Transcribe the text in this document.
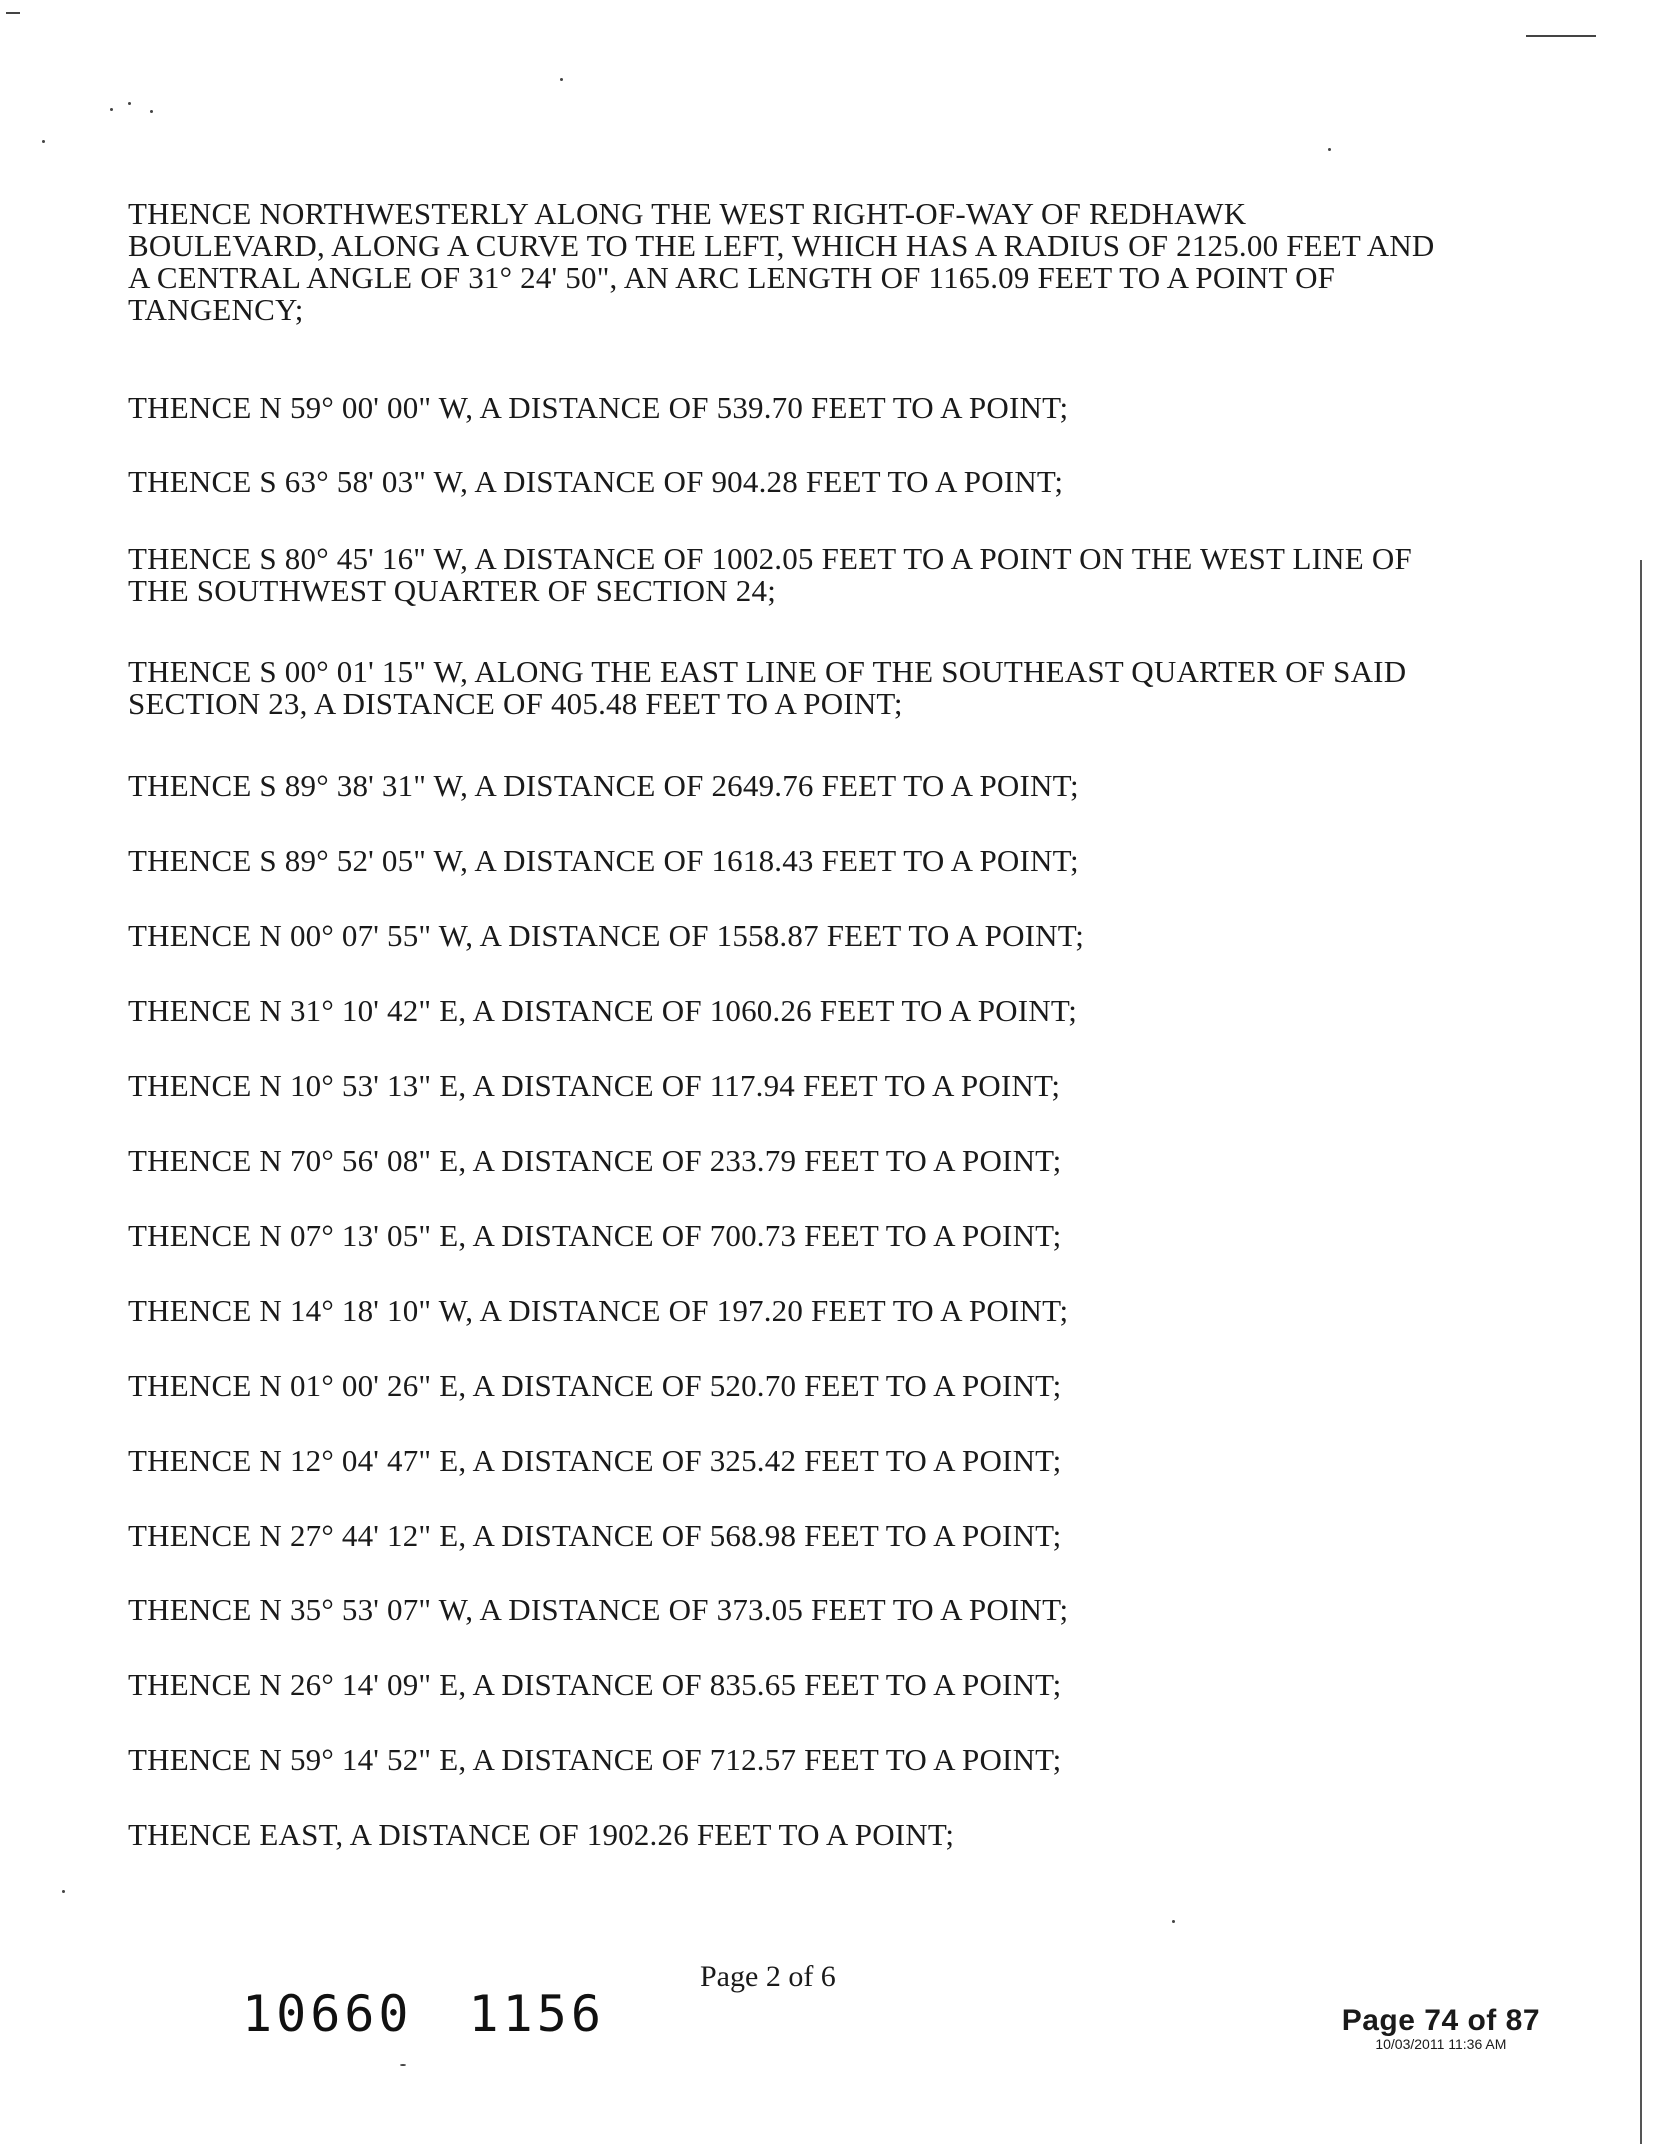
THENCE NORTHWESTERLY ALONG THE WEST RIGHT-OF-WAY OF REDHAWK
BOULEVARD, ALONG A CURVE TO THE LEFT, WHICH HAS A RADIUS OF 2125.00 FEET AND
A CENTRAL ANGLE OF 31° 24' 50", AN ARC LENGTH OF 1165.09 FEET TO A POINT OF
TANGENCY;
THENCE N 59° 00' 00" W, A DISTANCE OF 539.70 FEET TO A POINT;
THENCE S 63° 58' 03" W, A DISTANCE OF 904.28 FEET TO A POINT;
THENCE S 80° 45' 16" W, A DISTANCE OF 1002.05 FEET TO A POINT ON THE WEST LINE OF
THE SOUTHWEST QUARTER OF SECTION 24;
THENCE S 00° 01' 15" W, ALONG THE EAST LINE OF THE SOUTHEAST QUARTER OF SAID
SECTION 23, A DISTANCE OF 405.48 FEET TO A POINT;
THENCE S 89° 38' 31" W, A DISTANCE OF 2649.76 FEET TO A POINT;
THENCE S 89° 52' 05" W, A DISTANCE OF 1618.43 FEET TO A POINT;
THENCE N 00° 07' 55" W, A DISTANCE OF 1558.87 FEET TO A POINT;
THENCE N 31° 10' 42" E, A DISTANCE OF 1060.26 FEET TO A POINT;
THENCE N 10° 53' 13" E, A DISTANCE OF 117.94 FEET TO A POINT;
THENCE N 70° 56' 08" E, A DISTANCE OF 233.79 FEET TO A POINT;
THENCE N 07° 13' 05" E, A DISTANCE OF 700.73 FEET TO A POINT;
THENCE N 14° 18' 10" W, A DISTANCE OF 197.20 FEET TO A POINT;
THENCE N 01° 00' 26" E, A DISTANCE OF 520.70 FEET TO A POINT;
THENCE N 12° 04' 47" E, A DISTANCE OF 325.42 FEET TO A POINT;
THENCE N 27° 44' 12" E, A DISTANCE OF 568.98 FEET TO A POINT;
THENCE N 35° 53' 07" W, A DISTANCE OF 373.05 FEET TO A POINT;
THENCE N 26° 14' 09" E, A DISTANCE OF 835.65 FEET TO A POINT;
THENCE N 59° 14' 52" E, A DISTANCE OF 712.57 FEET TO A POINT;
THENCE EAST, A DISTANCE OF 1902.26 FEET TO A POINT;
Page 2 of 6
10660 1156	Page 74 of 87
10/03/2011 11:36 AM
